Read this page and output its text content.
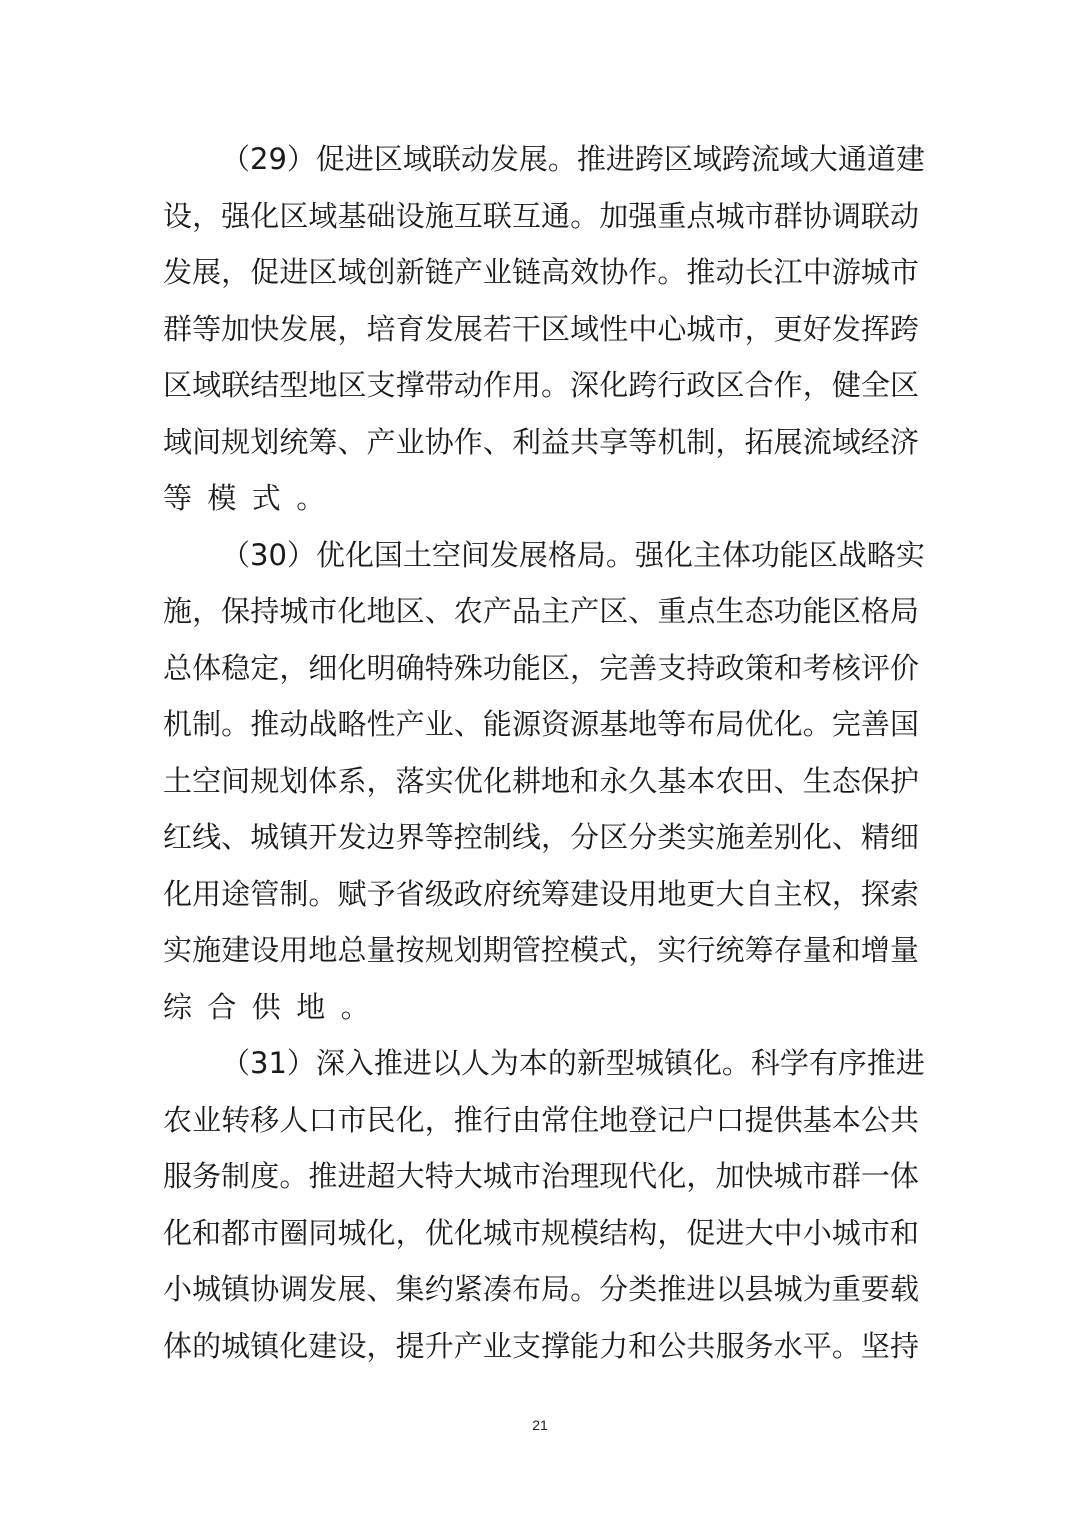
（29）促进区域联动发展。推进跨区域跨流域大通道建
设，强化区域基础设施互联互通。加强重点城市群协调联动
发展，促进区域创新链产业链高效协作。推动长江中游城市
群等加快发展，培育发展若干区域性中心城市，更好发挥跨
区域联结型地区支撑带动作用。深化跨行政区合作，健全区
域间规划统筹、产业协作、利益共享等机制，拓展流域经济
等模式。
（30）优化国土空间发展格局。强化主体功能区战略实
施，保持城市化地区、农产品主产区、重点生态功能区格局
总体稳定，细化明确特殊功能区，完善支持政策和考核评价
机制。推动战略性产业、能源资源基地等布局优化。完善国
土空间规划体系，落实优化耕地和永久基本农田、生态保护
红线、城镇开发边界等控制线，分区分类实施差别化、精细
化用途管制。赋予省级政府统筹建设用地更大自主权，探索
实施建设用地总量按规划期管控模式，实行统筹存量和增量
综合供地。
（31）深入推进以人为本的新型城镇化。科学有序推进
农业转移人口市民化，推行由常住地登记户口提供基本公共
服务制度。推进超大特大城市治理现代化，加快城市群一体
化和都市圈同城化，优化城市规模结构，促进大中小城市和
小城镇协调发展、集约紧凑布局。分类推进以县城为重要载
体的城镇化建设，提升产业支撑能力和公共服务水平。坚持
21
